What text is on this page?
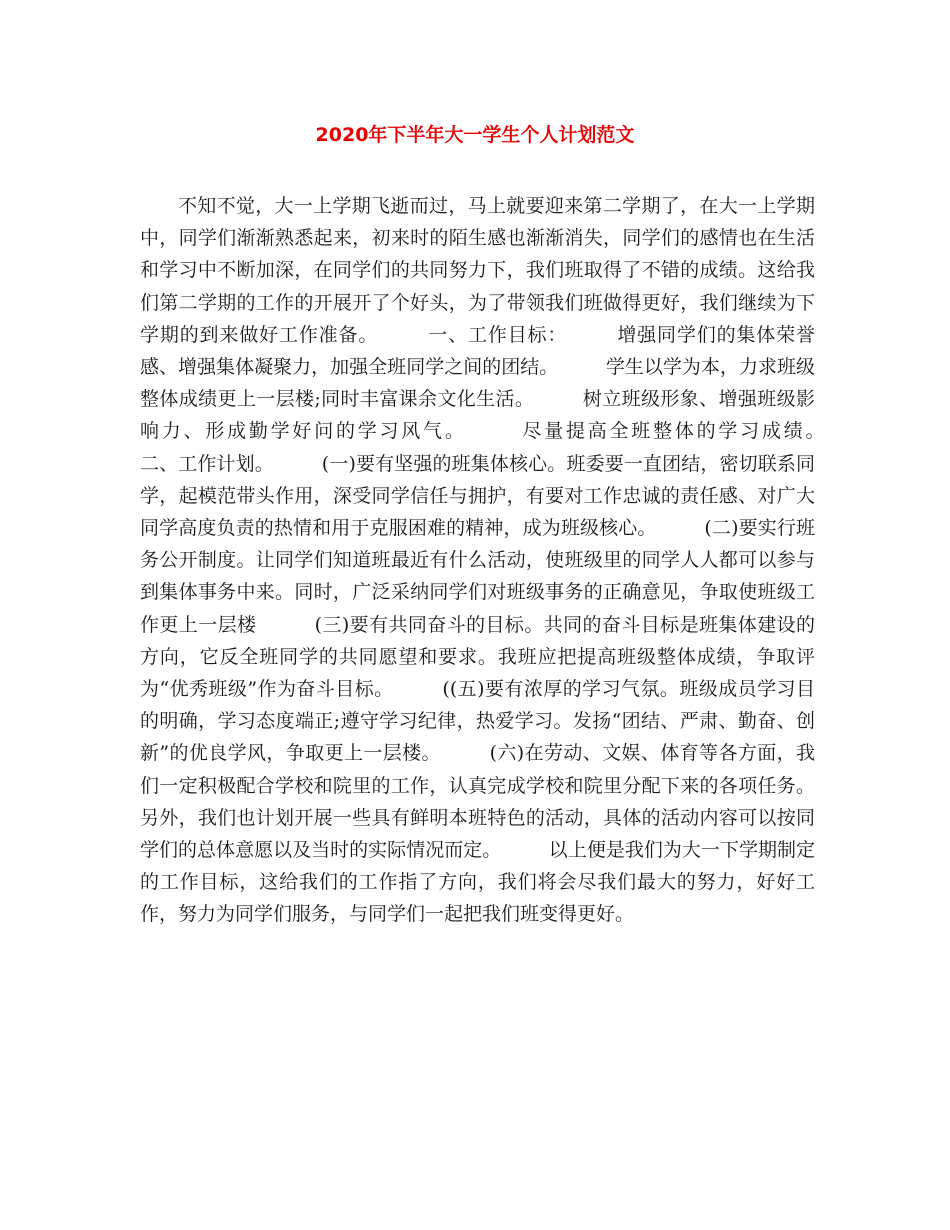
2020年下半年大一学生个人计划范文

不知不觉，大一上学期飞逝而过，马上就要迎来第二学期了，在大一上学期中，同学们渐渐熟悉起来，初来时的陌生感也渐渐消失，同学们的感情也在生活和学习中不断加深，在同学们的共同努力下，我们班取得了不错的成绩。这给我们第二学期的工作的开展开了个好头，为了带领我们班做得更好，我们继续为下学期的到来做好工作准备。　　　一、工作目标：　　　增强同学们的集体荣誉感、增强集体凝聚力，加强全班同学之间的团结。　　　学生以学为本，力求班级整体成绩更上一层楼;同时丰富课余文化生活。　　　树立班级形象、增强班级影响力、形成勤学好问的学习风气。　　　尽量提高全班整体的学习成绩。　　　二、工作计划。　　　(一)要有坚强的班集体核心。班委要一直团结，密切联系同学，起模范带头作用，深受同学信任与拥护，有要对工作忠诚的责任感、对广大同学高度负责的热情和用于克服困难的精神，成为班级核心。　　　(二)要实行班务公开制度。让同学们知道班最近有什么活动，使班级里的同学人人都可以参与到集体事务中来。同时，广泛采纳同学们对班级事务的正确意见，争取使班级工作更上一层楼　　　(三)要有共同奋斗的目标。共同的奋斗目标是班集体建设的方向，它反全班同学的共同愿望和要求。我班应把提高班级整体成绩，争取评为“优秀班级”作为奋斗目标。　　　((五)要有浓厚的学习气氛。班级成员学习目的明确，学习态度端正;遵守学习纪律，热爱学习。发扬“团结、严肃、勤奋、创新”的优良学风，争取更上一层楼。　　　(六)在劳动、文娱、体育等各方面，我们一定积极配合学校和院里的工作，认真完成学校和院里分配下来的各项任务。另外，我们也计划开展一些具有鲜明本班特色的活动，具体的活动内容可以按同学们的总体意愿以及当时的实际情况而定。　　　以上便是我们为大一下学期制定的工作目标，这给我们的工作指了方向，我们将会尽我们最大的努力，好好工作，努力为同学们服务，与同学们一起把我们班变得更好。
